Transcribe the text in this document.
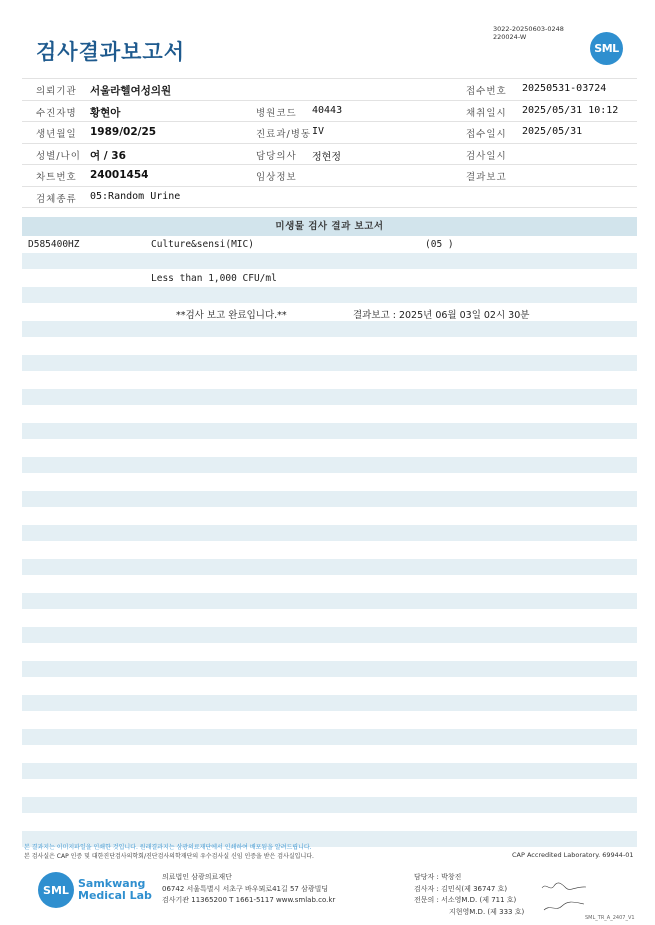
검사결과보고서
3022-20250603-0248
220024-W
SML
의뢰기관 서울라헬여성의원	접수번호 20250531-03724
수진자명 황현아	병원코드 40443	채취일시 2025/05/31 10:12
생년월일 1989/02/25	진료과/병동 IV	접수일시 2025/05/31
성별/나이 여 / 36	담당의사 정현정	검사일시
차트번호 24001454	임상정보	결과보고
검체종류 05:Random Urine
미생물 검사 결과 보고서
D585400HZ	Culture&sensi(MIC)	(05 )
Less than 1,000 CFU/ml
**검사 보고 완료입니다.**	결과보고 : 2025년 06월 03일 02시 30분
본 결과지는 이미지파일을 인쇄한 것입니다. 원래결과지는 삼광의료재단에서 인쇄하여 배포됨을 알려드립니다.
본 검사실은 CAP 인증 및 대한진단검사의학회/진단검사의학재단의 우수검사실 신임 인증을 받은 검사실입니다.	CAP Accredited Laboratory. 69944-01
SML Samkwang
Medical Lab
의료법인 삼광의료재단
06742 서울특별시 서초구 바우뫼로41길 57 삼광빌딩
검사기관 11365200 T 1661-5117 www.smlab.co.kr
담당자 : 박창진
검사자 : 김민식(제 36747 호)
전문의 : 서소영M.D. (제 711 호)
지현영M.D. (제 333 호)
SML_TR_A_2407_V1
